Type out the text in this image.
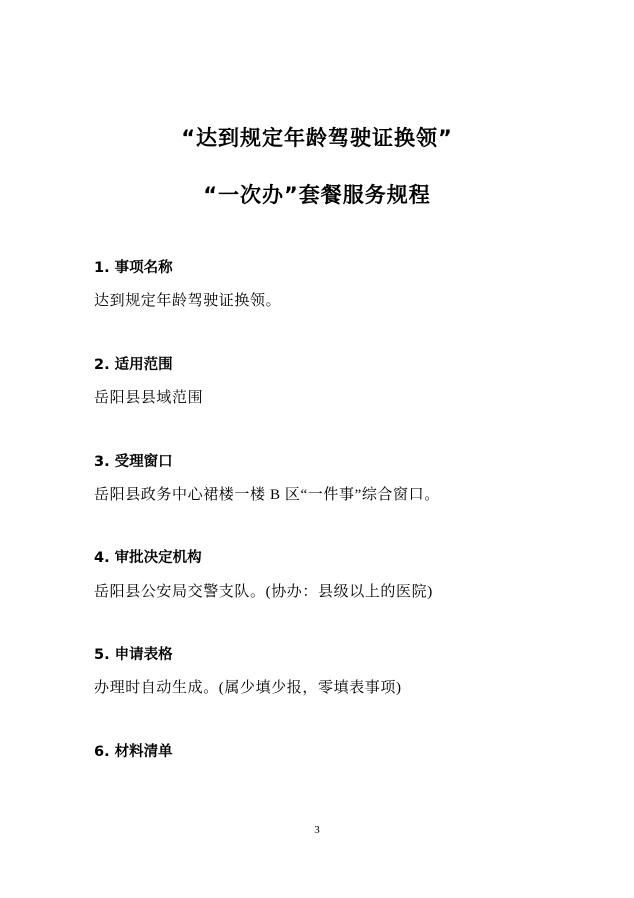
“达到规定年龄驾驶证换领”
“一次办”套餐服务规程

1. 事项名称

达到规定年龄驾驶证换领。

2. 适用范围

岳阳县县域范围

3. 受理窗口

岳阳县政务中心裙楼一楼 B 区“一件事”综合窗口。

4. 审批决定机构

岳阳县公安局交警支队。(协办：县级以上的医院)

5. 申请表格

办理时自动生成。(属少填少报，零填表事项)

6. 材料清单

3
